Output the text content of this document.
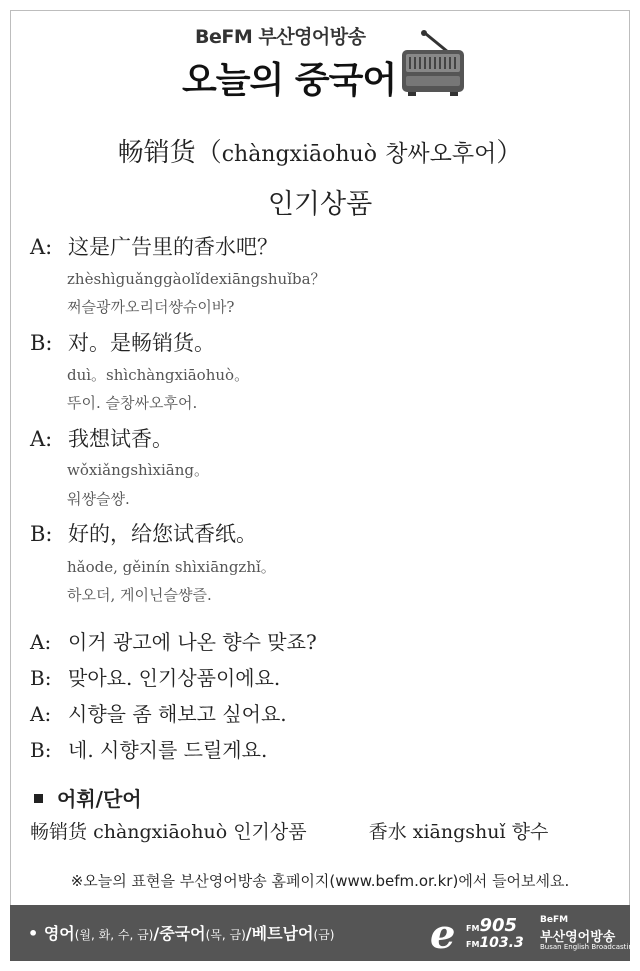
BeFM 부산영어방송
오늘의 중국어
畅销货（chàngxiāohuò 창싸오후어）
인기상품
A: 这是广告里的香水吧？
zhèshìguǎnggàolǐdexiāngshuǐba？
쩌슬광까오리더썅슈이바?
B: 对。是畅销货。
duì。shìchàngxiāohuò。
뚜이. 슬창싸오후어.
A: 我想试香。
wǒxiǎngshìxiāng。
워썅슬썅.
B: 好的，给您试香纸。
hǎode, gěinín shìxiāngzhǐ。
하오더, 게이닌슬썅즐.
A: 이거 광고에 나온 향수 맞죠?
B: 맞아요. 인기상품이에요.
A: 시향을 좀 해보고 싶어요.
B: 네. 시향지를 드릴게요.
어휘/단어
畅销货 chàngxiāohuò 인기상품	香水 xiāngshuǐ 향수
※오늘의 표현을 부산영어방송 홈페이지(www.befm.or.kr)에서 들어보세요.
• 영어(월, 화, 수, 금)/중국어(목, 금)/베트남어(금) e FM905
FM103.3
BeFM
부산영어방송
Busan English Broadcasting
